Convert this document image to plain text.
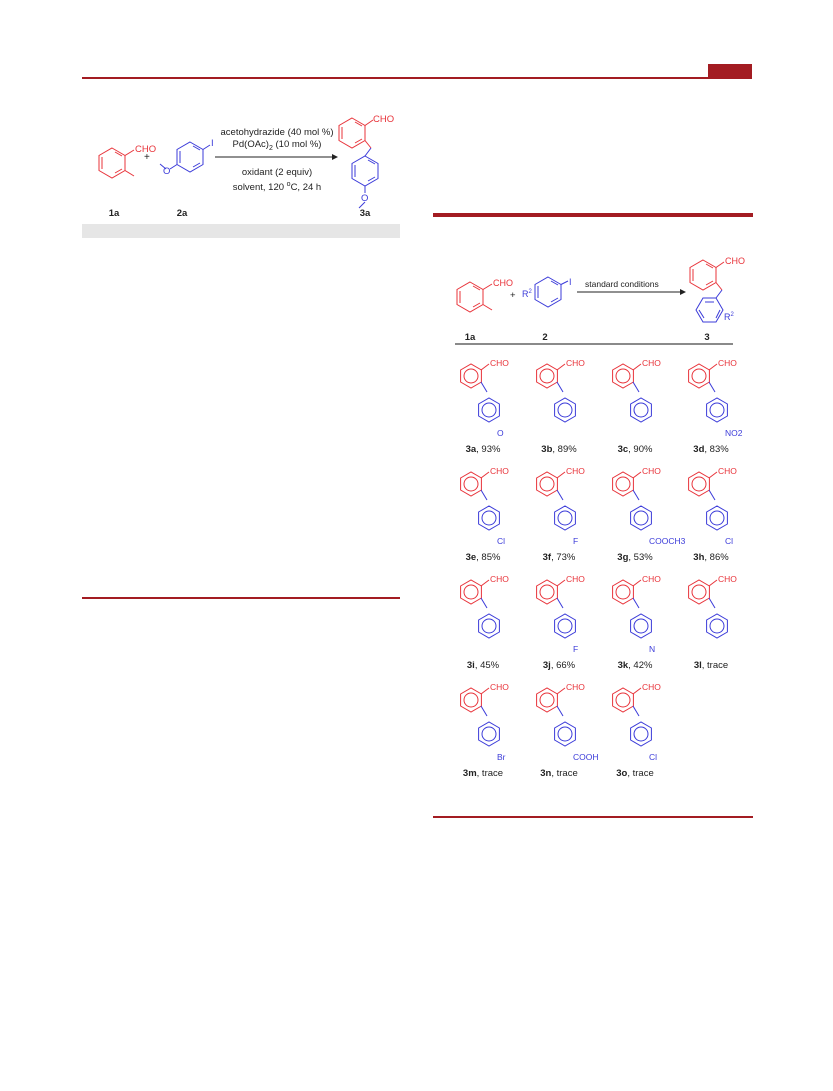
CHO
+
I
O
CHO
O
acetohydrazide (40 mol %)
$Pd(OAc)_2$ (10 mol %)
oxidant (2 equiv)
solvent, 120 $^o$C, 24 h
1a	2a	3a
CHO
+
I
$R^2$
standard conditions
CHO
$R^2$
1a	2	3
CHO
O
3a, 93%
CHO
3b, 89%
CHO
3c, 90%
CHO
NO2
3d, 83%
CHO
Cl
3e, 85%
CHO
F
3f, 73%
CHO
COOCH3
3g, 53%
CHO
Cl
3h, 86%
CHO
3i, 45%
CHO
F
3j, 66%
CHO
N
3k, 42%
CHO
3l, trace
CHO
Br
3m, trace
CHO
COOH
3n, trace
CHO
Cl
3o, trace
